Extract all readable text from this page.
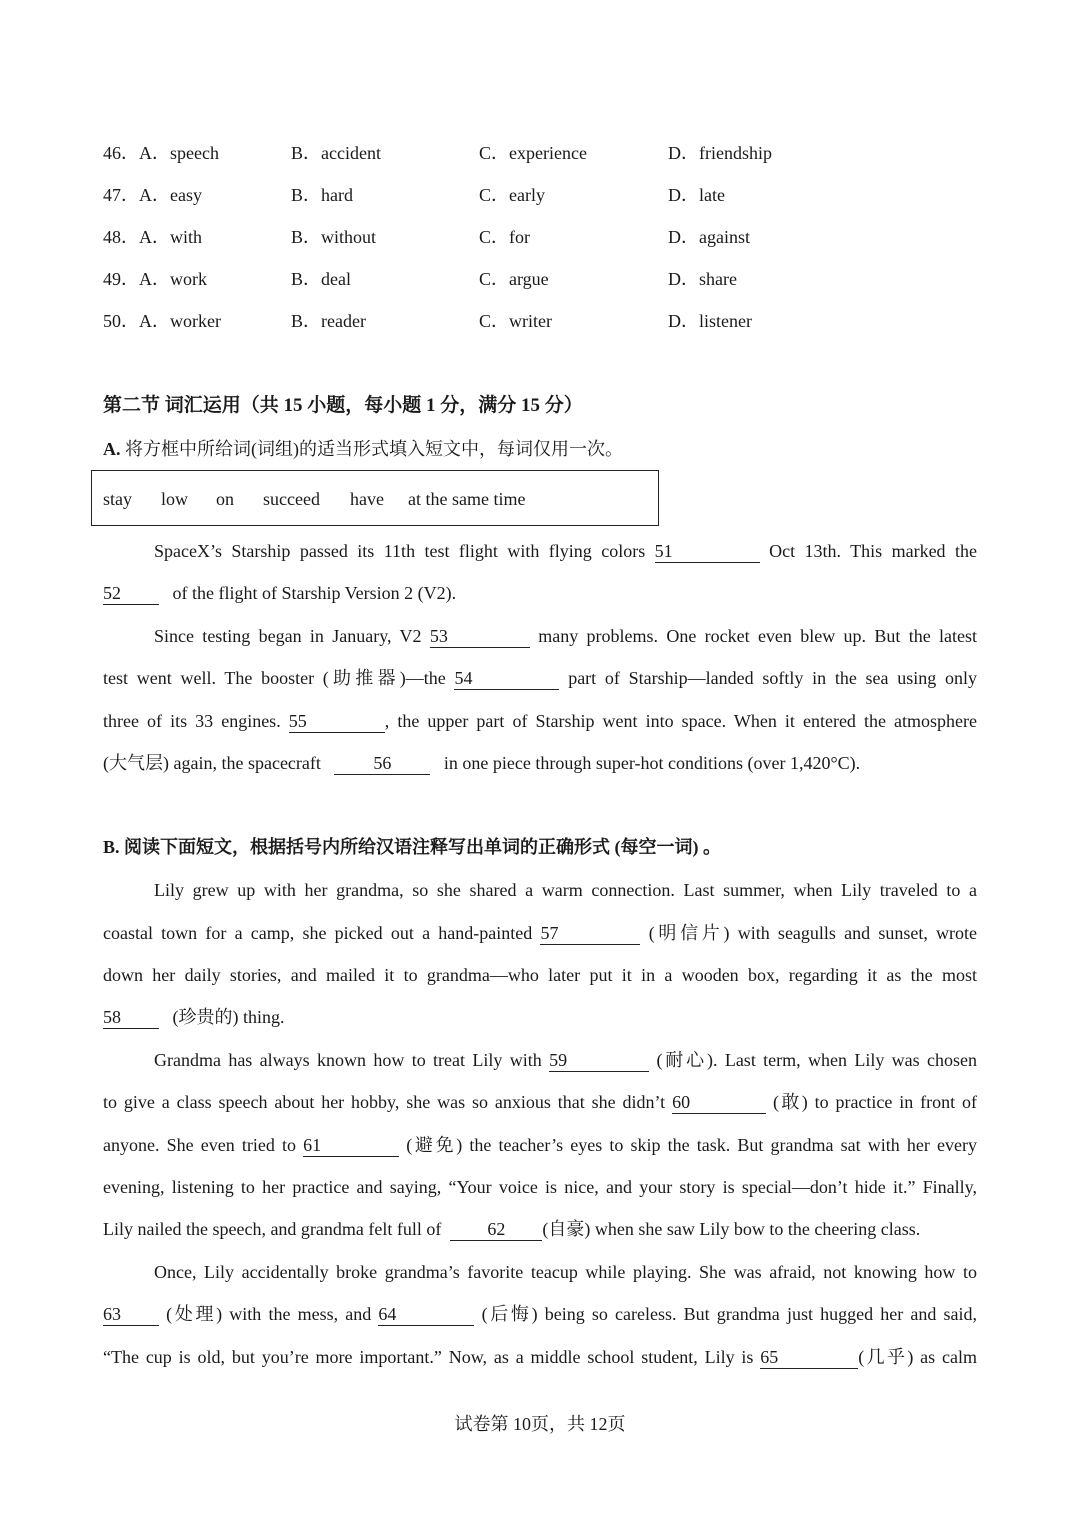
46．A．speech	B．accident	C．experience	D．friendship
47．A．easy	B．hard	C．early	D．late
48．A．with	B．without	C．for	D．against
49．A．work	B．deal	C．argue	D．share
50．A．worker	B．reader	C．writer	D．listener
第二节 词汇运用（共 15 小题，每小题 1 分，满分 15 分）
A. 将方框中所给词(词组)的适当形式填入短文中，每词仅用一次。
stay low on succeed have at the same time
SpaceX’s Starship passed its 11th test flight with flying colors 51	Oct 13th. This marked the
52	of the flight of Starship Version 2 (V2).
Since testing began in January, V2 53	many problems. One rocket even blew up. But the latest
test went well. The booster (助推器)—the 54	part of Starship—landed softly in the sea using only
three of its 33 engines. 55	, the upper part of Starship went into space. When it entered the atmosphere
(大气层) again, the spacecraft	56	in one piece through super-hot conditions (over 1,420°C).
B. 阅读下面短文，根据括号内所给汉语注释写出单词的正确形式 (每空一词) 。
Lily grew up with her grandma, so she shared a warm connection. Last summer, when Lily traveled to a
coastal town for a camp, she picked out a hand-painted 57	(明信片) with seagulls and sunset, wrote
down her daily stories, and mailed it to grandma—who later put it in a wooden box, regarding it as the most
58	(珍贵的) thing.
Grandma has always known how to treat Lily with 59	(耐心). Last term, when Lily was chosen
to give a class speech about her hobby, she was so anxious that she didn’t 60	(敢) to practice in front of
anyone. She even tried to 61	(避免) the teacher’s eyes to skip the task. But grandma sat with her every
evening, listening to her practice and saying, “Your voice is nice, and your story is special—don’t hide it.” Finally,
Lily nailed the speech, and grandma felt full of	62 (自豪) when she saw Lily bow to the cheering class.
Once, Lily accidentally broke grandma’s favorite teacup while playing. She was afraid, not knowing how to
63	(处理) with the mess, and 64	(后悔) being so careless. But grandma just hugged her and said,
“The cup is old, but you’re more important.” Now, as a middle school student, Lily is 65	(几乎) as calm
试卷第 10页，共 12页
